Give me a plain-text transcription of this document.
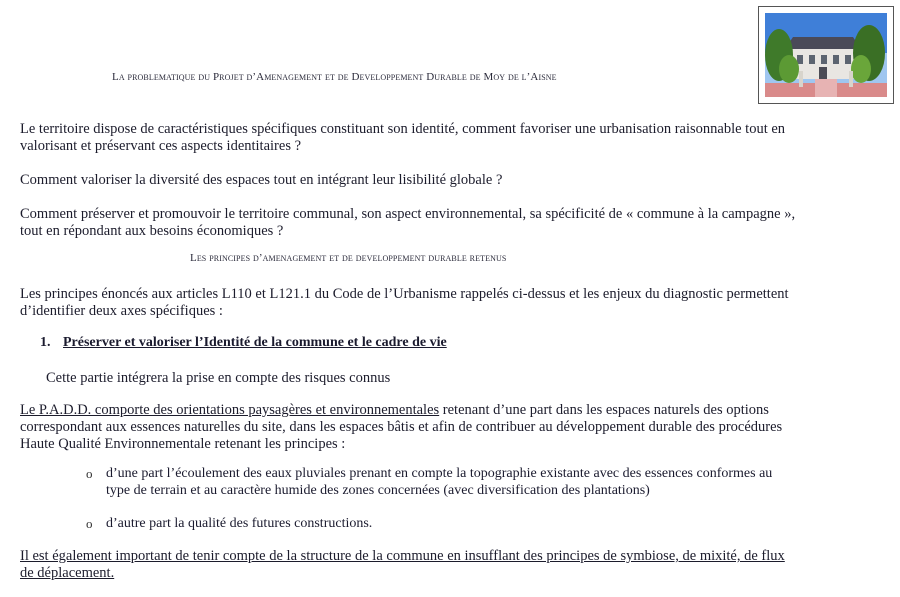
La problematique du Projet d’Amenagement et de Developpement Durable de Moy de l’Aisne
Le territoire dispose de caractéristiques spécifiques constituant son identité, comment favoriser une urbanisation raisonnable tout en valorisant et préservant ces aspects identitaires ?
Comment valoriser la diversité des espaces tout en intégrant leur lisibilité globale ?
Comment préserver et promouvoir le territoire communal, son aspect environnemental, sa spécificité de « commune à la campagne », tout en répondant aux besoins économiques ?
Les principes d’amenagement et de developpement durable retenus
Les principes énoncés aux articles L110 et L121.1 du Code de l’Urbanisme rappelés ci-dessus et les enjeux du diagnostic permettent d’identifier deux axes spécifiques :
1. Préserver et valoriser l’Identité de la commune et le cadre de vie
Cette partie intégrera la prise en compte des risques connus
Le P.A.D.D. comporte des orientations paysagères et environnementales retenant d’une part dans les espaces naturels des options correspondant aux essences naturelles du site, dans les espaces bâtis et afin de contribuer au développement durable des procédures Haute Qualité Environnementale retenant les principes :
o d’une part l’écoulement des eaux pluviales prenant en compte la topographie existante avec des essences conformes au type de terrain et au caractère humide des zones concernées (avec diversification des plantations)
o d’autre part la qualité des futures constructions.
Il est également important de tenir compte de la structure de la commune en insufflant des principes de symbiose, de mixité, de flux de déplacement.
